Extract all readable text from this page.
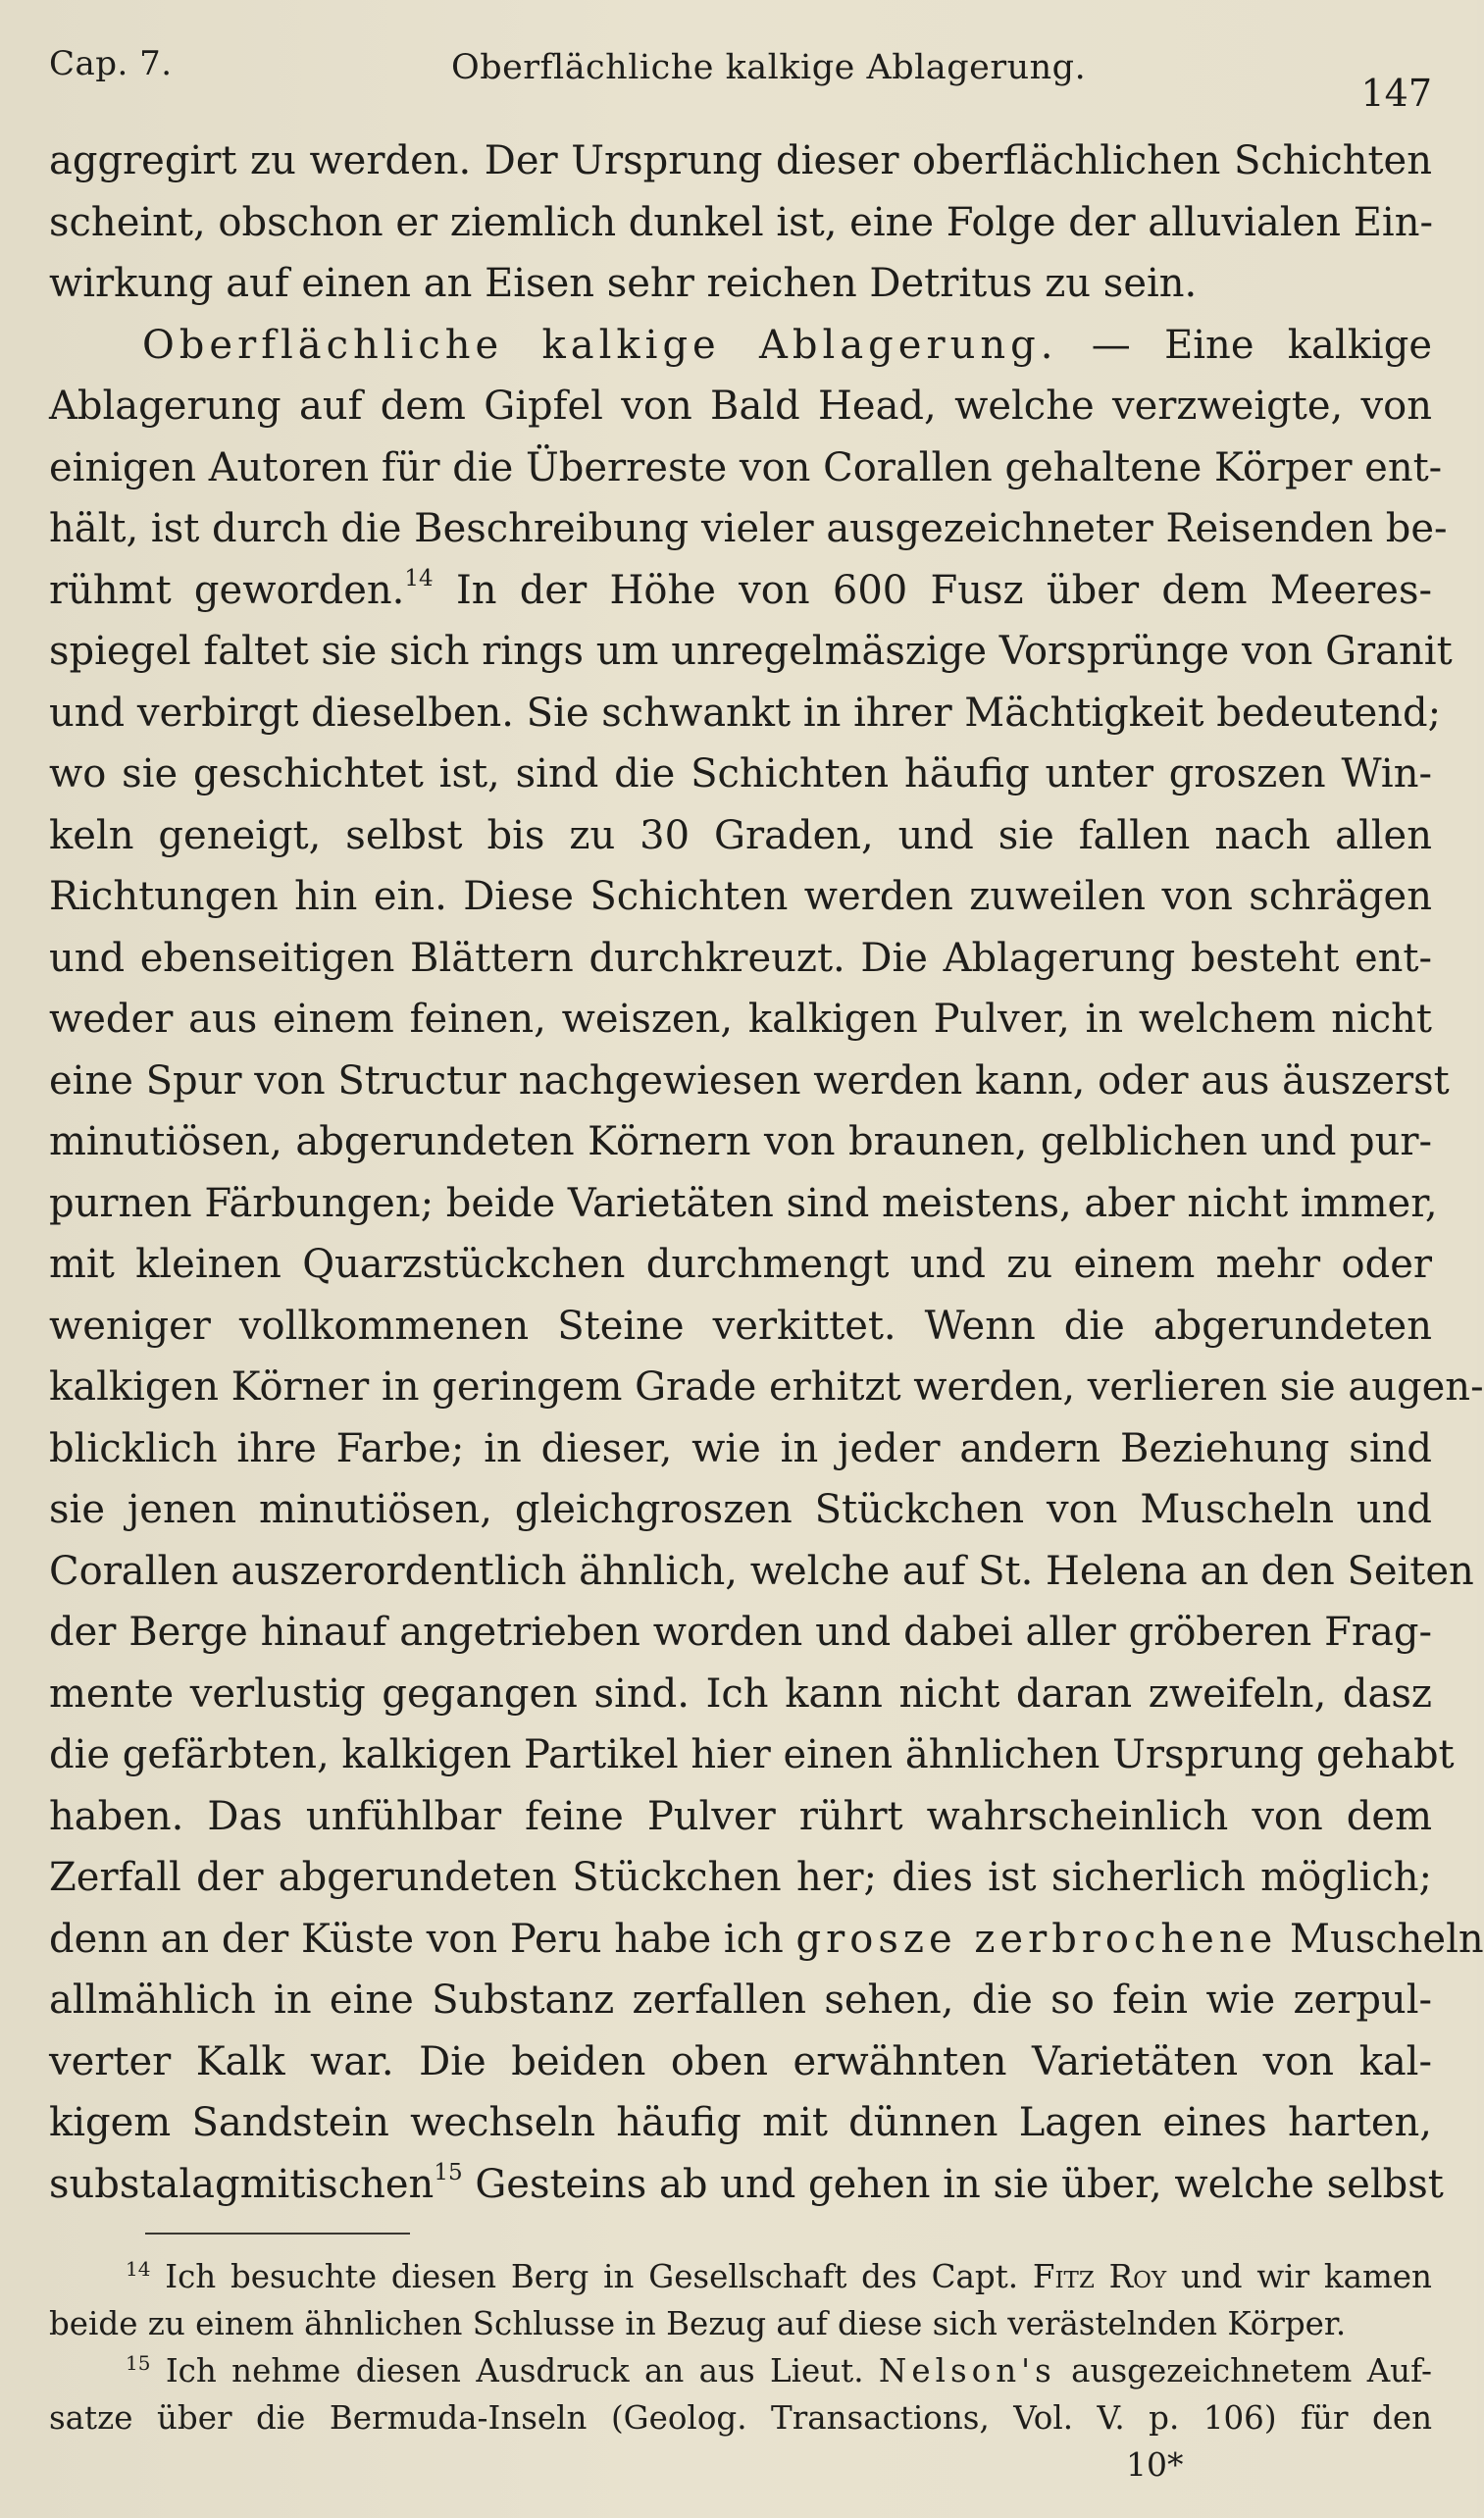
Cap. 7.	Oberflächliche kalkige Ablagerung.
147
aggregirt zu werden. Der Ursprung dieser oberflächlichen Schichten
scheint, obschon er ziemlich dunkel ist, eine Folge der alluvialen Ein-
wirkung auf einen an Eisen sehr reichen Detritus zu sein.
Oberflächliche kalkige Ablagerung. — Eine kalkige
Ablagerung auf dem Gipfel von Bald Head, welche verzweigte, von
einigen Autoren für die Überreste von Corallen gehaltene Körper ent-
hält, ist durch die Beschreibung vieler ausgezeichneter Reisenden be-
rühmt geworden.$^{14}$ In der Höhe von 600 Fusz über dem Meeres-
spiegel faltet sie sich rings um unregelmäszige Vorsprünge von Granit
und verbirgt dieselben. Sie schwankt in ihrer Mächtigkeit bedeutend;
wo sie geschichtet ist, sind die Schichten häufig unter groszen Win-
keln geneigt, selbst bis zu 30 Graden, und sie fallen nach allen
Richtungen hin ein. Diese Schichten werden zuweilen von schrägen
und ebenseitigen Blättern durchkreuzt. Die Ablagerung besteht ent-
weder aus einem feinen, weiszen, kalkigen Pulver, in welchem nicht
eine Spur von Structur nachgewiesen werden kann, oder aus äuszerst
minutiösen, abgerundeten Körnern von braunen, gelblichen und pur-
purnen Färbungen; beide Varietäten sind meistens, aber nicht immer,
mit kleinen Quarzstückchen durchmengt und zu einem mehr oder
weniger vollkommenen Steine verkittet. Wenn die abgerundeten
kalkigen Körner in geringem Grade erhitzt werden, verlieren sie augen-
blicklich ihre Farbe; in dieser, wie in jeder andern Beziehung sind
sie jenen minutiösen, gleichgroszen Stückchen von Muscheln und
Corallen auszerordentlich ähnlich, welche auf St. Helena an den Seiten
der Berge hinauf angetrieben worden und dabei aller gröberen Frag-
mente verlustig gegangen sind. Ich kann nicht daran zweifeln, dasz
die gefärbten, kalkigen Partikel hier einen ähnlichen Ursprung gehabt
haben. Das unfühlbar feine Pulver rührt wahrscheinlich von dem
Zerfall der abgerundeten Stückchen her; dies ist sicherlich möglich;
denn an der Küste von Peru habe ich grosze zerbrochene Muscheln
allmählich in eine Substanz zerfallen sehen, die so fein wie zerpul-
verter Kalk war. Die beiden oben erwähnten Varietäten von kal-
kigem Sandstein wechseln häufig mit dünnen Lagen eines harten,
substalagmitischen$^{15}$ Gesteins ab und gehen in sie über, welche selbst
$^{14}$ Ich besuchte diesen Berg in Gesellschaft des Capt. Fitz Roy und wir kamen
beide zu einem ähnlichen Schlusse in Bezug auf diese sich verästelnden Körper.
$^{15}$ Ich nehme diesen Ausdruck an aus Lieut. Nelson's ausgezeichnetem Auf-
satze über die Bermuda-Inseln (Geolog. Transactions, Vol. V. p. 106) für den
10*
